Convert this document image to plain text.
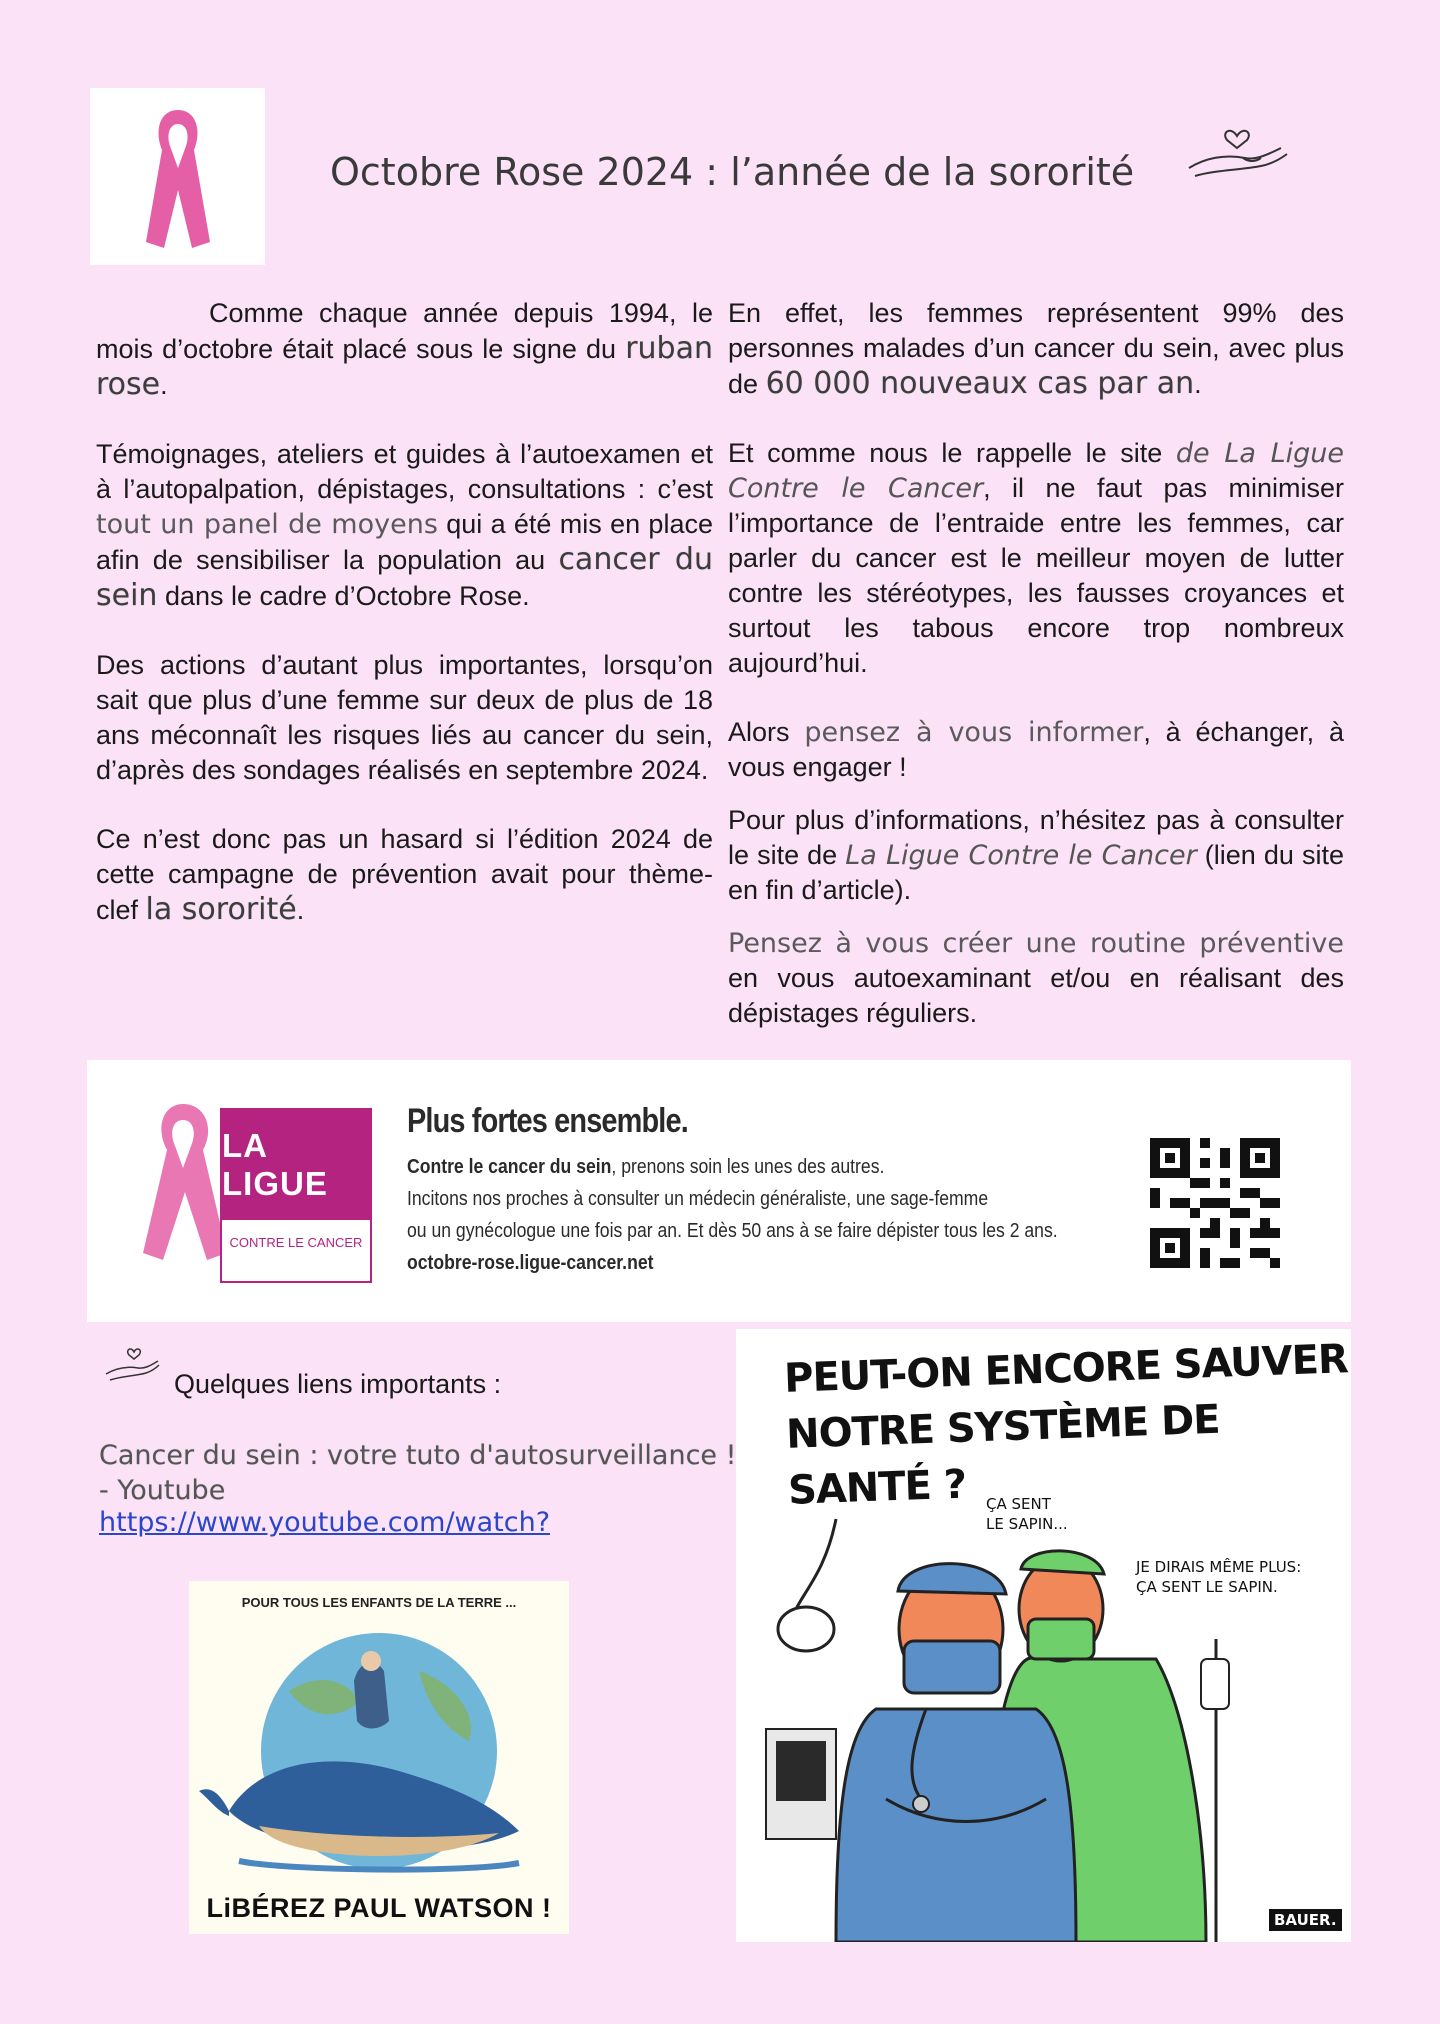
Octobre Rose 2024 : l’année de la sororité

Comme chaque année depuis 1994, le mois d’octobre était placé sous le signe du ruban rose.

Témoignages, ateliers et guides à l’autoexamen et à l’autopalpation, dépistages, consultations : c’est tout un panel de moyens qui a été mis en place afin de sensibiliser la population au cancer du sein dans le cadre d’Octobre Rose.

Des actions d’autant plus importantes, lorsqu’on sait que plus d’une femme sur deux de plus de 18 ans méconnaît les risques liés au cancer du sein, d’après des sondages réalisés en septembre 2024.

Ce n’est donc pas un hasard si l’édition 2024 de cette campagne de prévention avait pour thème-clef la sororité.

En effet, les femmes représentent 99% des personnes malades d’un cancer du sein, avec plus de 60 000 nouveaux cas par an.

Et comme nous le rappelle le site de La Ligue Contre le Cancer, il ne faut pas minimiser l’importance de l’entraide entre les femmes, car parler du cancer est le meilleur moyen de lutter contre les stéréotypes, les fausses croyances et surtout les tabous encore trop nombreux aujourd’hui.

Alors pensez à vous informer, à échanger, à vous engager !

Pour plus d’informations, n’hésitez pas à consulter le site de La Ligue Contre le Cancer (lien du site en fin d’article).

Pensez à vous créer une routine préventive en vous autoexaminant et/ou en réalisant des dépistages réguliers.

LA LIGUE
CONTRE LE CANCER
Plus fortes ensemble.
Contre le cancer du sein, prenons soin les unes des autres.
Incitons nos proches à consulter un médecin généraliste, une sage-femme
ou un gynécologue une fois par an. Et dès 50 ans à se faire dépister tous les 2 ans.
octobre-rose.ligue-cancer.net
Quelques liens importants :
Cancer du sein : votre tuto d'autosurveillance ! - Youtube
https://www.youtube.com/watch?
POUR TOUS LES ENFANTS DE LA TERRE ...
LiBÉREZ PAUL WATSON !
PEUT-ON ENCORE SAUVER
NOTRE SYSTÈME DE SANTÉ ?	ÇA SENT
LE SAPIN...
JE DIRAIS MÊME PLUS:
ÇA SENT LE SAPIN.
BAUER.
